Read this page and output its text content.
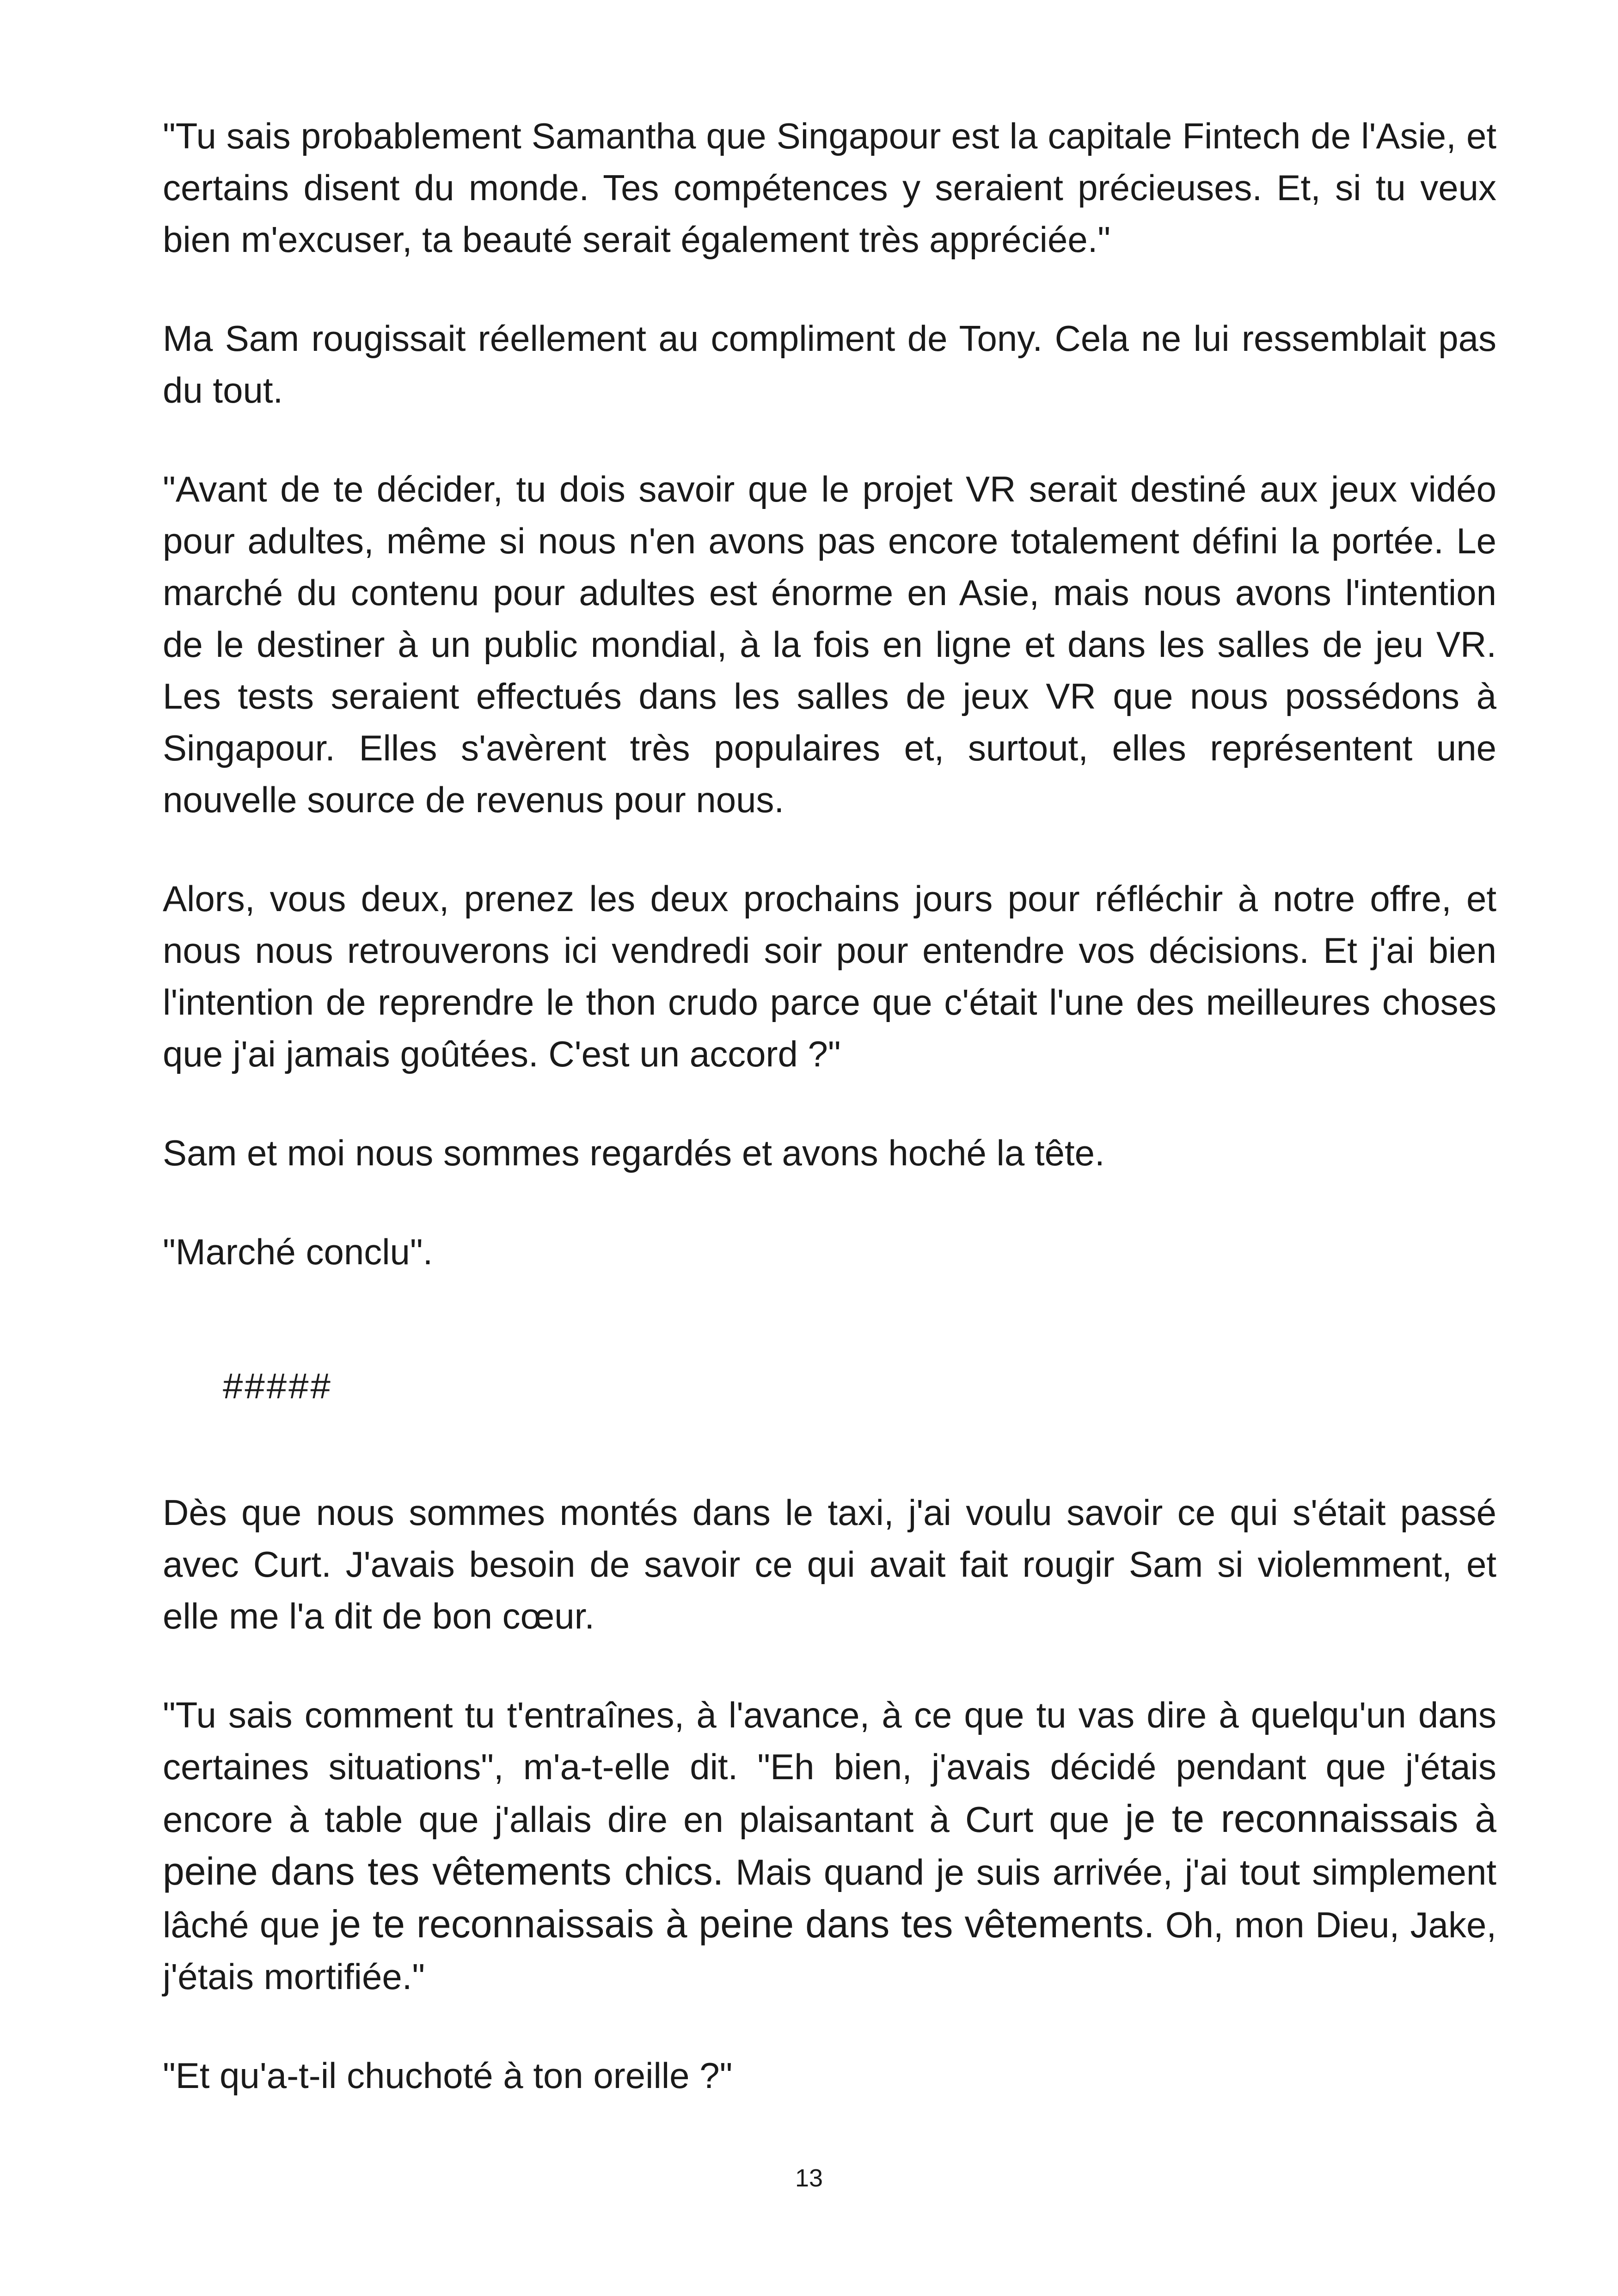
"Tu sais probablement Samantha que Singapour est la capitale Fintech de l'Asie, et certains disent du monde. Tes compétences y seraient précieuses. Et, si tu veux bien m'excuser, ta beauté serait également très appréciée."

Ma Sam rougissait réellement au compliment de Tony. Cela ne lui ressemblait pas du tout.

"Avant de te décider, tu dois savoir que le projet VR serait destiné aux jeux vidéo pour adultes, même si nous n'en avons pas encore totalement défini la portée. Le marché du contenu pour adultes est énorme en Asie, mais nous avons l'intention de le destiner à un public mondial, à la fois en ligne et dans les salles de jeu VR. Les tests seraient effectués dans les salles de jeux VR que nous possédons à Singapour. Elles s'avèrent très populaires et, surtout, elles représentent une nouvelle source de revenus pour nous.

Alors, vous deux, prenez les deux prochains jours pour réfléchir à notre offre, et nous nous retrouverons ici vendredi soir pour entendre vos décisions. Et j'ai bien l'intention de reprendre le thon crudo parce que c'était l'une des meilleures choses que j'ai jamais goûtées. C'est un accord ?"

Sam et moi nous sommes regardés et avons hoché la tête.

"Marché conclu".

#####

Dès que nous sommes montés dans le taxi, j'ai voulu savoir ce qui s'était passé avec Curt. J'avais besoin de savoir ce qui avait fait rougir Sam si violemment, et elle me l'a dit de bon cœur.

"Tu sais comment tu t'entraînes, à l'avance, à ce que tu vas dire à quelqu'un dans certaines situations", m'a-t-elle dit. "Eh bien, j'avais décidé pendant que j'étais encore à table que j'allais dire en plaisantant à Curt que je te reconnaissais à peine dans tes vêtements chics. Mais quand je suis arrivée, j'ai tout simplement lâché que je te reconnaissais à peine dans tes vêtements. Oh, mon Dieu, Jake, j'étais mortifiée."

"Et qu'a-t-il chuchoté à ton oreille ?"

13
